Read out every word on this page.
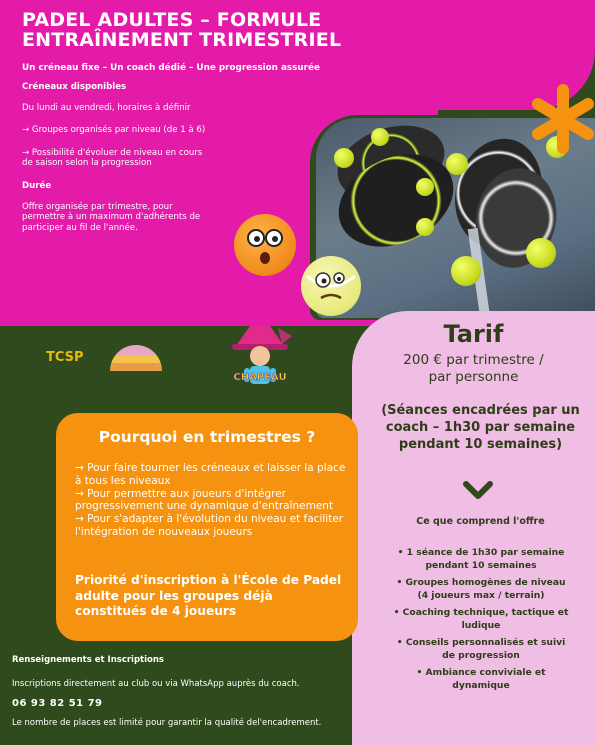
PADEL ADULTES – FORMULE
ENTRAÎNEMENT TRIMESTRIEL
Un créneau fixe – Un coach dédié – Une progression assurée

Créneaux disponibles

Du lundi au vendredi, horaires à définir

→ Groupes organisés par niveau (de 1 à 6)

→ Possibilité d'évoluer de niveau en cours de saison selon la progression

Durée

Offre organisée par trimestre, pour permettre à un maximum d'adhérents de participer au fil de l'année.

TCSP
CHAPEAU
Tarif
200 € par trimestre /
par personne
(Séances encadrées par un coach – 1h30 par semaine pendant 10 semaines)
Ce que comprend l'offre
• 1 séance de 1h30 par semaine pendant 10 semaines
• Groupes homogènes de niveau (4 joueurs max / terrain)
• Coaching technique, tactique et ludique
• Conseils personnalisés et suivi de progression
• Ambiance conviviale et dynamique
Pourquoi en trimestres ?
→ Pour faire tourner les créneaux et laisser la place à tous les niveaux
→ Pour permettre aux joueurs d'intégrer progressivement une dynamique d'entraînement
→ Pour s'adapter à l'évolution du niveau et faciliter l'intégration de nouveaux joueurs
Priorité d'inscription à l'École de Padel adulte pour les groupes déjà constitués de 4 joueurs
Renseignements et Inscriptions
Inscriptions directement au club ou via WhatsApp auprès du coach.
06 93 82 51 79
Le nombre de places est limité pour garantir la qualité del'encadrement.
